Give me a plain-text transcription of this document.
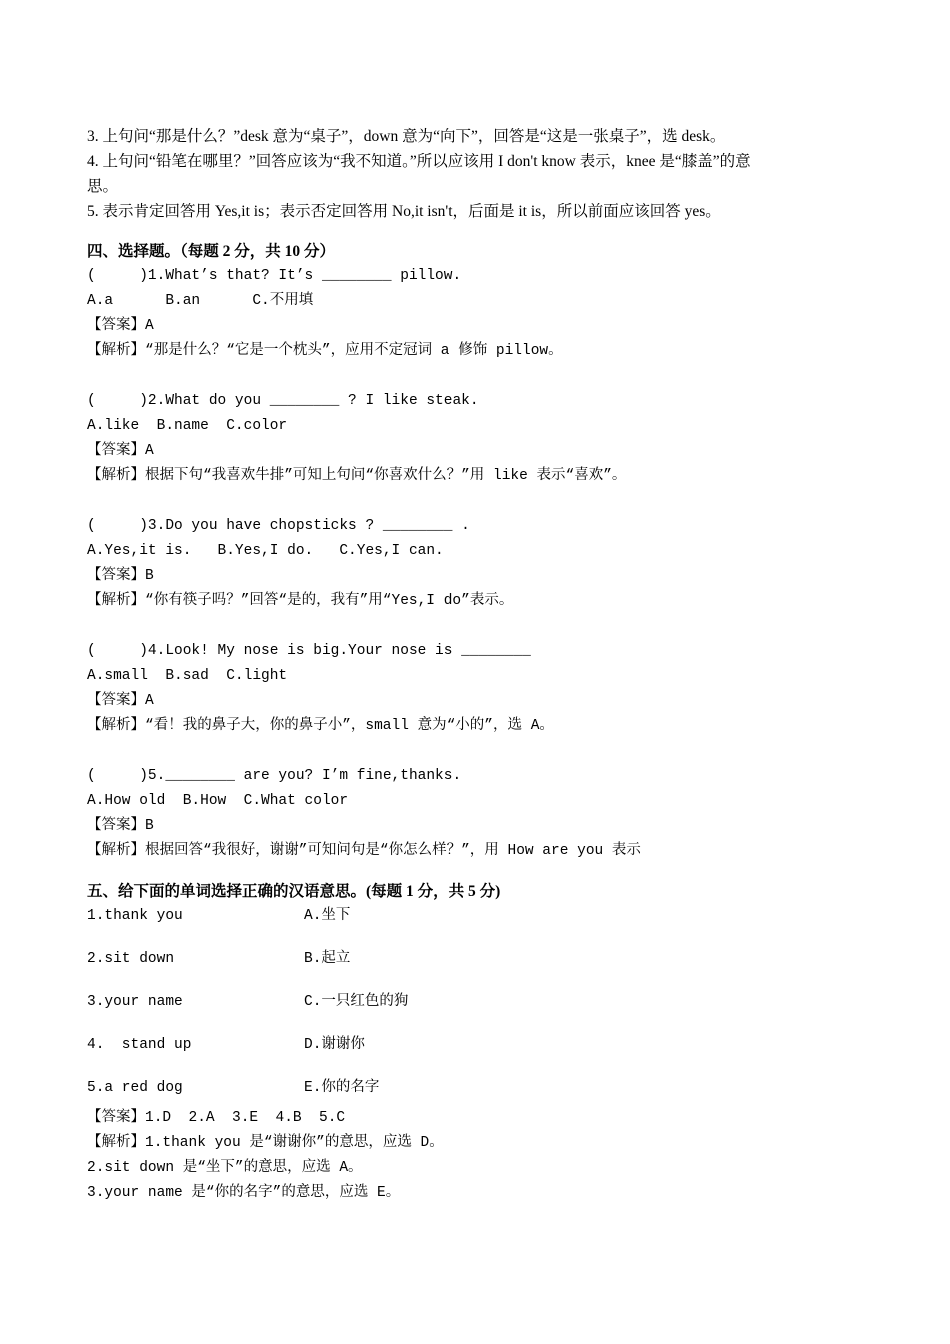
3. 上句问“那是什么？”desk 意为“桌子”，down 意为“向下”，回答是“这是一张桌子”，选 desk。
4. 上句问“铅笔在哪里？”回答应该为“我不知道。”所以应该用 I don't know 表示，knee 是“膝盖”的意
思。
5. 表示肯定回答用 Yes,it is；表示否定回答用 No,it isn't，后面是 it is，所以前面应该回答 yes。
四、选择题。（每题 2 分，共 10 分）
(     )1.What’s that? It’s ________ pillow.
A.a      B.an      C.不用填
【答案】A
【解析】“那是什么？“它是一个枕头”，应用不定冠词 a 修饰 pillow。
(     )2.What do you ________ ? I like steak.
A.like  B.name  C.color
【答案】A
【解析】根据下句“我喜欢牛排”可知上句问“你喜欢什么？”用 like 表示“喜欢”。
(     )3.Do you have chopsticks ? ________ .
A.Yes,it is.   B.Yes,I do.   C.Yes,I can.
【答案】B
【解析】“你有筷子吗？”回答“是的，我有”用“Yes,I do”表示。
(     )4.Look! My nose is big.Your nose is ________
A.small  B.sad  C.light
【答案】A
【解析】“看！我的鼻子大，你的鼻子小”，small 意为“小的”，选 A。
(     )5.________ are you? I’m fine,thanks.
A.How old  B.How  C.What color
【答案】B
【解析】根据回答“我很好，谢谢”可知问句是“你怎么样？”，用 How are you 表示
五、给下面的单词选择正确的汉语意思。(每题 1 分，共 5 分)
1.thank you	A.坐下
2.sit down	B.起立
3.your name	C.一只红色的狗
4.  stand up	D.谢谢你
5.a red dog	E.你的名字
【答案】1.D  2.A  3.E  4.B  5.C
【解析】1.thank you 是“谢谢你”的意思，应选 D。
2.sit down 是“坐下”的意思，应选 A。
3.your name 是“你的名字”的意思，应选 E。
